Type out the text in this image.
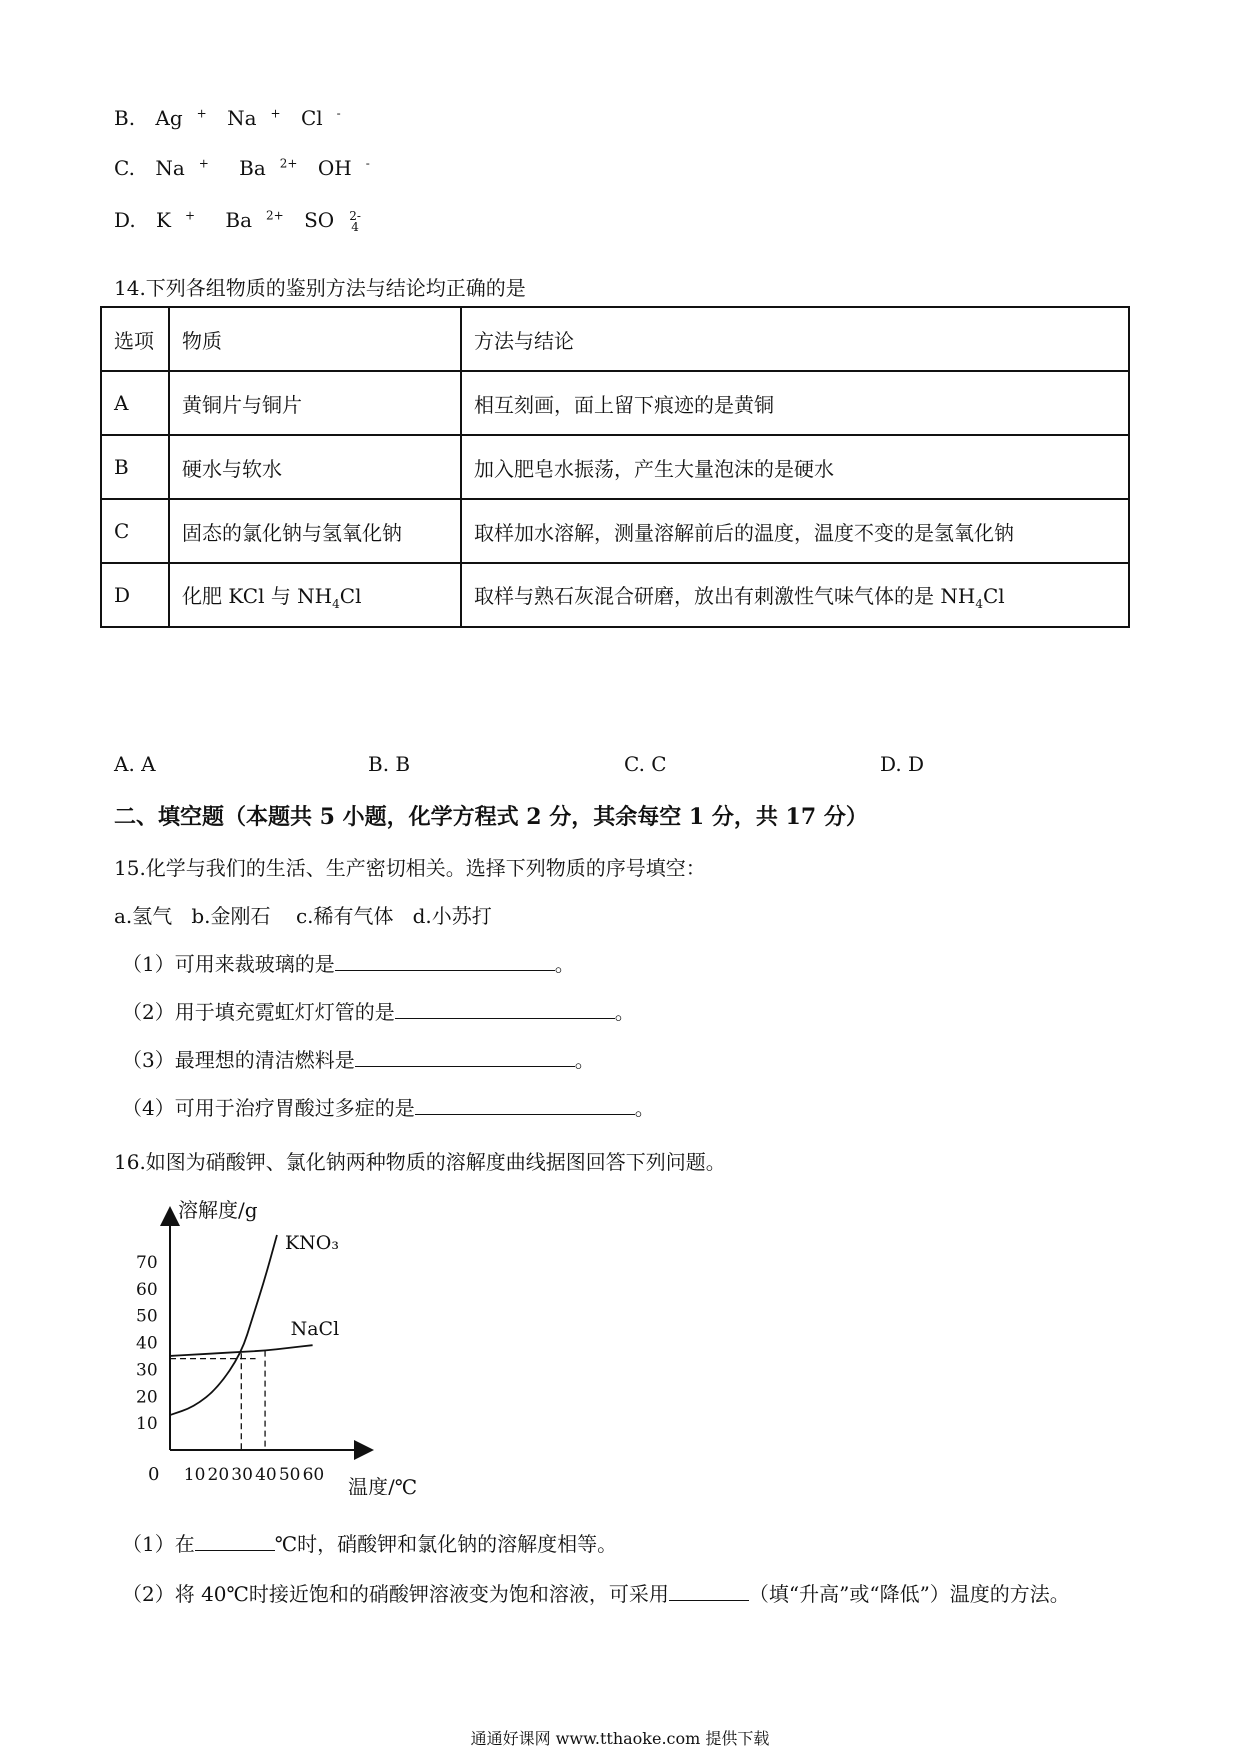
B. Ag + Na + Cl -
C. Na + Ba $^{2+}$ OH -
D. K + Ba $^{2+}$ SO 2-
4
14.下列各组物质的鉴别方法与结论均正确的是
选项	物质	方法与结论
A	黄铜片与铜片	相互刻画，面上留下痕迹的是黄铜
B	硬水与软水	加入肥皂水振荡，产生大量泡沫的是硬水
C	固态的氯化钠与氢氧化钠	取样加水溶解，测量溶解前后的温度，温度不变的是氢氧化钠
D	化肥 KCl 与 $NH_4Cl$	取样与熟石灰混合研磨，放出有刺激性气味气体的是 $NH_4Cl$
A. A	B. B	C. C	D. D
二、填空题（本题共 5 小题，化学方程式 2 分，其余每空 1 分，共 17 分）
15.化学与我们的生活、生产密切相关。选择下列物质的序号填空：
a.氢气   b.金刚石    c.稀有气体   d.小苏打
（1）可用来裁玻璃的是	。
（2）用于填充霓虹灯灯管的是	。
（3）最理想的清洁燃料是	。
（4）可用于治疗胃酸过多症的是	。
16.如图为硝酸钾、氯化钠两种物质的溶解度曲线据图回答下列问题。
溶解度/g
温度/℃
0 10 20 30 40 50 60
10
20
30
40
50
60
70
KNO₃
NaCl
（1）在	℃时，硝酸钾和氯化钠的溶解度相等。
（2）将 40℃时接近饱和的硝酸钾溶液变为饱和溶液，可采用	（填“升高”或“降低”）温度的方法。
通通好课网 www.tthaoke.com 提供下载
